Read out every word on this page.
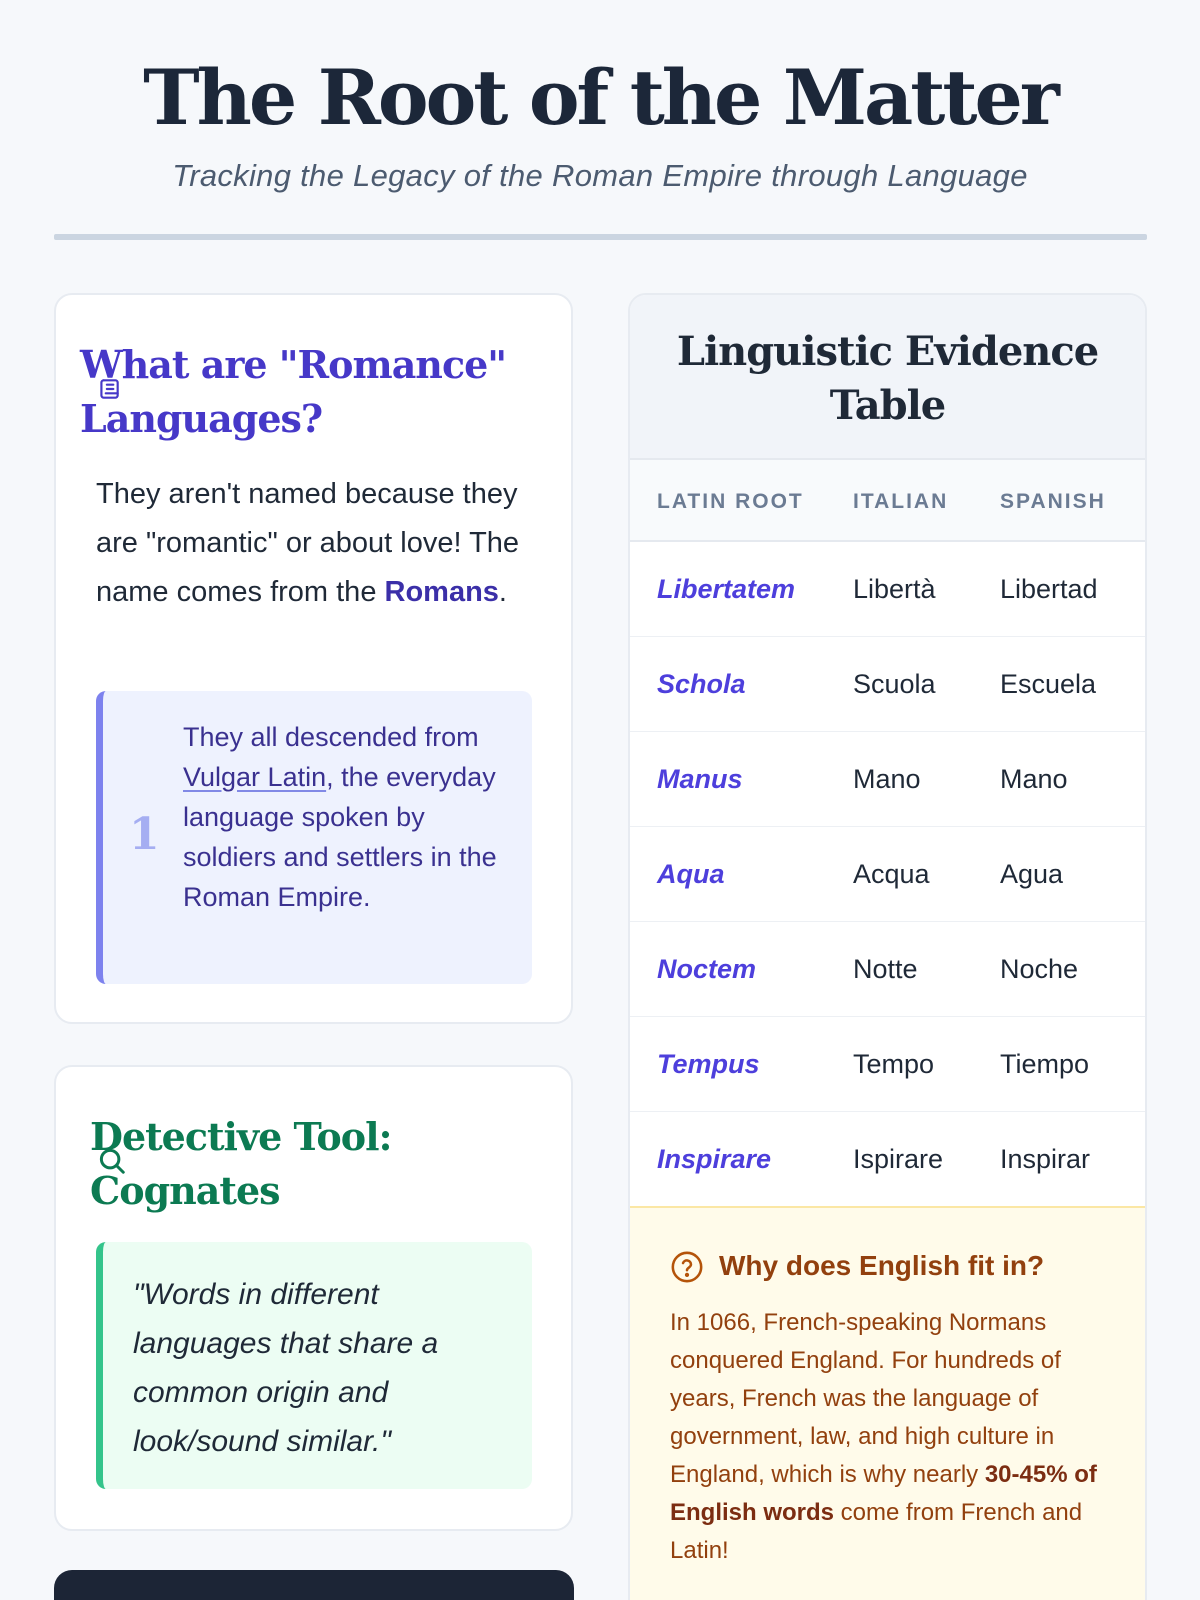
The Root of the Matter

Tracking the Legacy of the Roman Empire through Language

What are "Romance" Languages?

They aren't named because they are "romantic" or about love! The name comes from the Romans.

1

They all descended from Vulgar Latin, the everyday language spoken by soldiers and settlers in the Roman Empire.

Detective Tool: Cognates
"Words in different languages that share a common origin and look/sound similar."
Linguistic Evidence Table
LATIN ROOT ITALIAN SPANISH
Libertatem Libertà Libertad
Schola	Scuola Escuela
Manus	Mano	Mano
Aqua	Acqua	Agua
Noctem	Notte	Noche
Tempus	Tempo Tiempo
Inspirare	Ispirare Inspirar
Why does English fit in?

In 1066, French-speaking Normans conquered England. For hundreds of years, French was the language of government, law, and high culture in England, which is why nearly 30-45% of English words come from French and Latin!
